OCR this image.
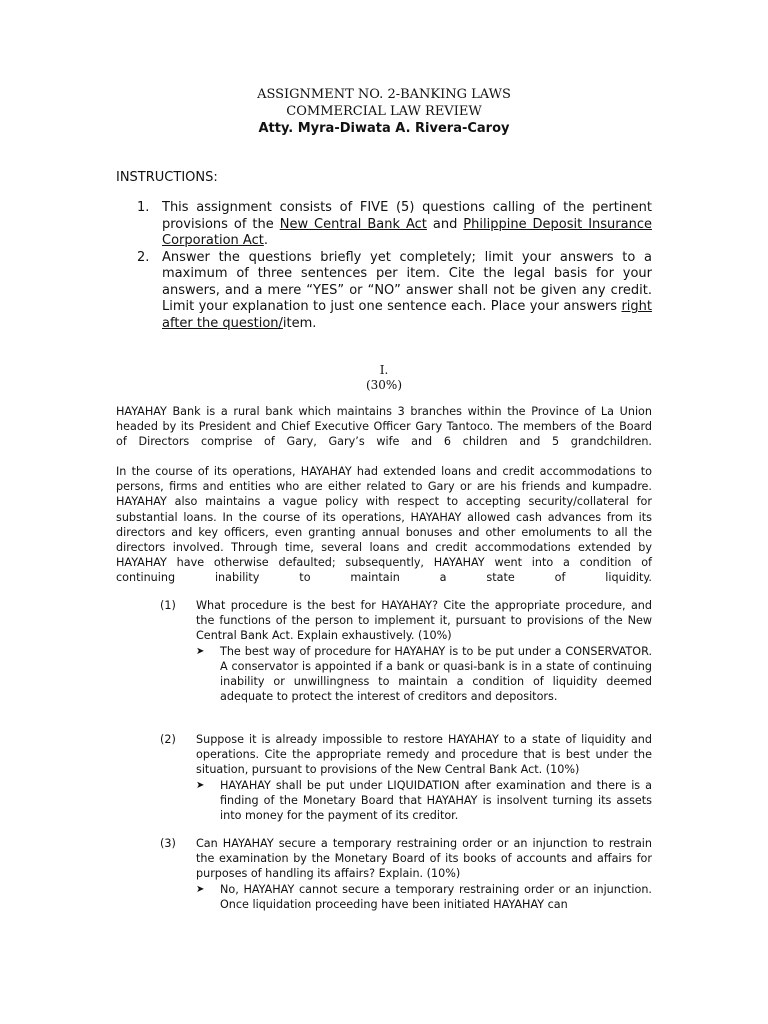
ASSIGNMENT NO. 2-BANKING LAWS
COMMERCIAL LAW REVIEW
Atty. Myra-Diwata A. Rivera-Caroy
INSTRUCTIONS:
1. This assignment consists of FIVE (5) questions calling of the pertinent provisions of the New Central Bank Act and Philippine Deposit Insurance Corporation Act.
2. Answer the questions briefly yet completely; limit your answers to a maximum of three sentences per item. Cite the legal basis for your answers, and a mere “YES” or “NO” answer shall not be given any credit. Limit your explanation to just one sentence each. Place your answers right after the question/item.
I.
(30%)

HAYAHAY Bank is a rural bank which maintains 3 branches within the Province of La Union headed by its President and Chief Executive Officer Gary Tantoco. The members of the Board of Directors comprise of Gary, Gary’s wife and 6 children and 5 grandchildren.

In the course of its operations, HAYAHAY had extended loans and credit accommodations to persons, firms and entities who are either related to Gary or are his friends and kumpadre. HAYAHAY also maintains a vague policy with respect to accepting security/collateral for substantial loans. In the course of its operations, HAYAHAY allowed cash advances from its directors and key officers, even granting annual bonuses and other emoluments to all the directors involved. Through time, several loans and credit accommodations extended by HAYAHAY have otherwise defaulted; subsequently, HAYAHAY went into a condition of continuing inability to maintain a state of liquidity.

(1) What procedure is the best for HAYAHAY? Cite the appropriate procedure, and the functions of the person to implement it, pursuant to provisions of the New Central Bank Act. Explain exhaustively. (10%)
➤ The best way of procedure for HAYAHAY is to be put under a CONSERVATOR. A conservator is appointed if a bank or quasi-bank is in a state of continuing inability or unwillingness to maintain a condition of liquidity deemed adequate to protect the interest of creditors and depositors.
(2) Suppose it is already impossible to restore HAYAHAY to a state of liquidity and operations. Cite the appropriate remedy and procedure that is best under the situation, pursuant to provisions of the New Central Bank Act. (10%)
➤ HAYAHAY shall be put under LIQUIDATION after examination and there is a finding of the Monetary Board that HAYAHAY is insolvent turning its assets into money for the payment of its creditor.
(3) Can HAYAHAY secure a temporary restraining order or an injunction to restrain the examination by the Monetary Board of its books of accounts and affairs for purposes of handling its affairs? Explain. (10%)
➤ No, HAYAHAY cannot secure a temporary restraining order or an injunction. Once liquidation proceeding have been initiated HAYAHAY can
